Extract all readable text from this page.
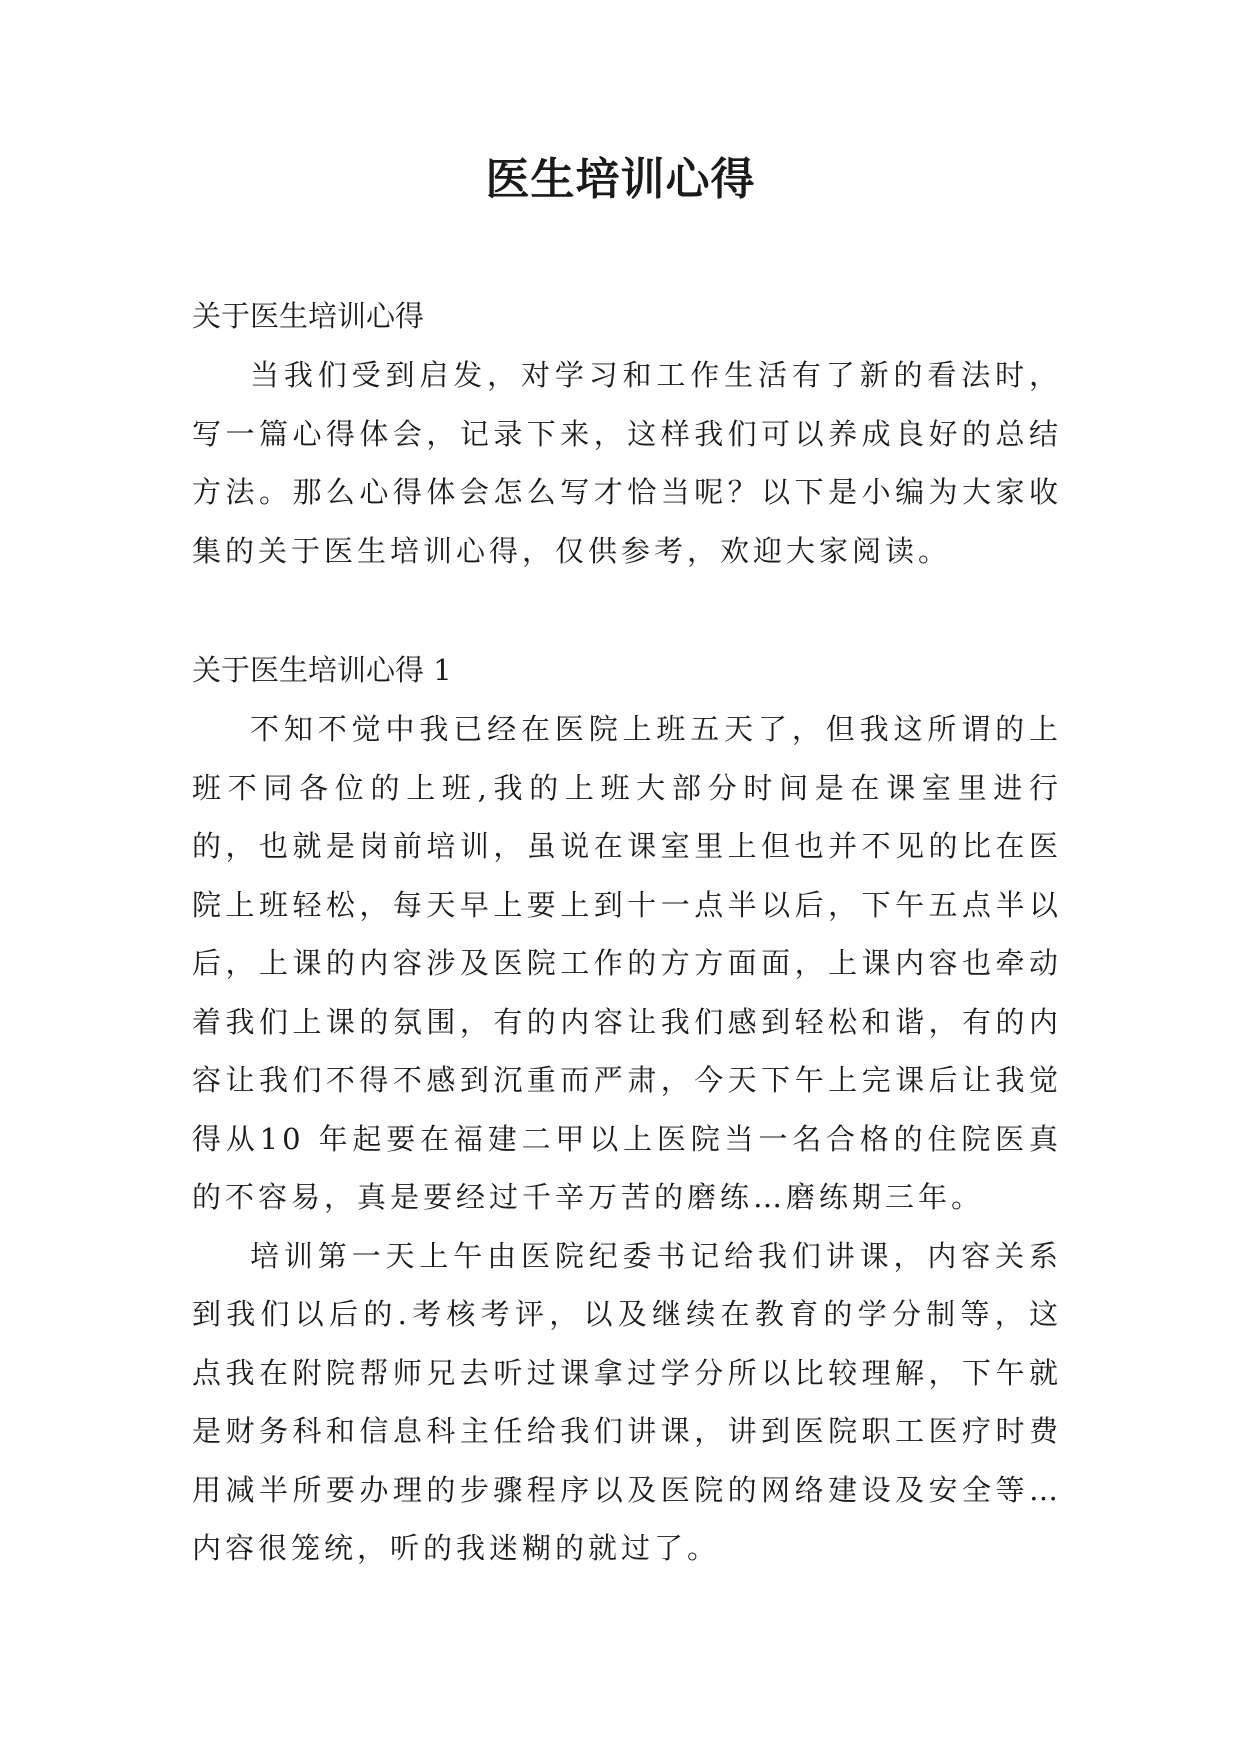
医生培训心得
关于医生培训心得

当我们受到启发，对学习和工作生活有了新的看法时，写一篇心得体会，记录下来，这样我们可以养成良好的总结方法。那么心得体会怎么写才恰当呢？以下是小编为大家收集的关于医生培训心得，仅供参考，欢迎大家阅读。

关于医生培训心得 1

不知不觉中我已经在医院上班五天了，但我这所谓的上班不同各位的上班,我的上班大部分时间是在课室里进行的，也就是岗前培训，虽说在课室里上但也并不见的比在医院上班轻松，每天早上要上到十一点半以后，下午五点半以后，上课的内容涉及医院工作的方方面面，上课内容也牵动着我们上课的氛围，有的内容让我们感到轻松和谐，有的内容让我们不得不感到沉重而严肃，今天下午上完课后让我觉得从10 年起要在福建二甲以上医院当一名合格的住院医真的不容易，真是要经过千辛万苦的磨练…磨练期三年。

培训第一天上午由医院纪委书记给我们讲课，内容关系到我们以后的.考核考评，以及继续在教育的学分制等，这点我在附院帮师兄去听过课拿过学分所以比较理解，下午就是财务科和信息科主任给我们讲课，讲到医院职工医疗时费用减半所要办理的步骤程序以及医院的网络建设及安全等…内容很笼统，听的我迷糊的就过了。
